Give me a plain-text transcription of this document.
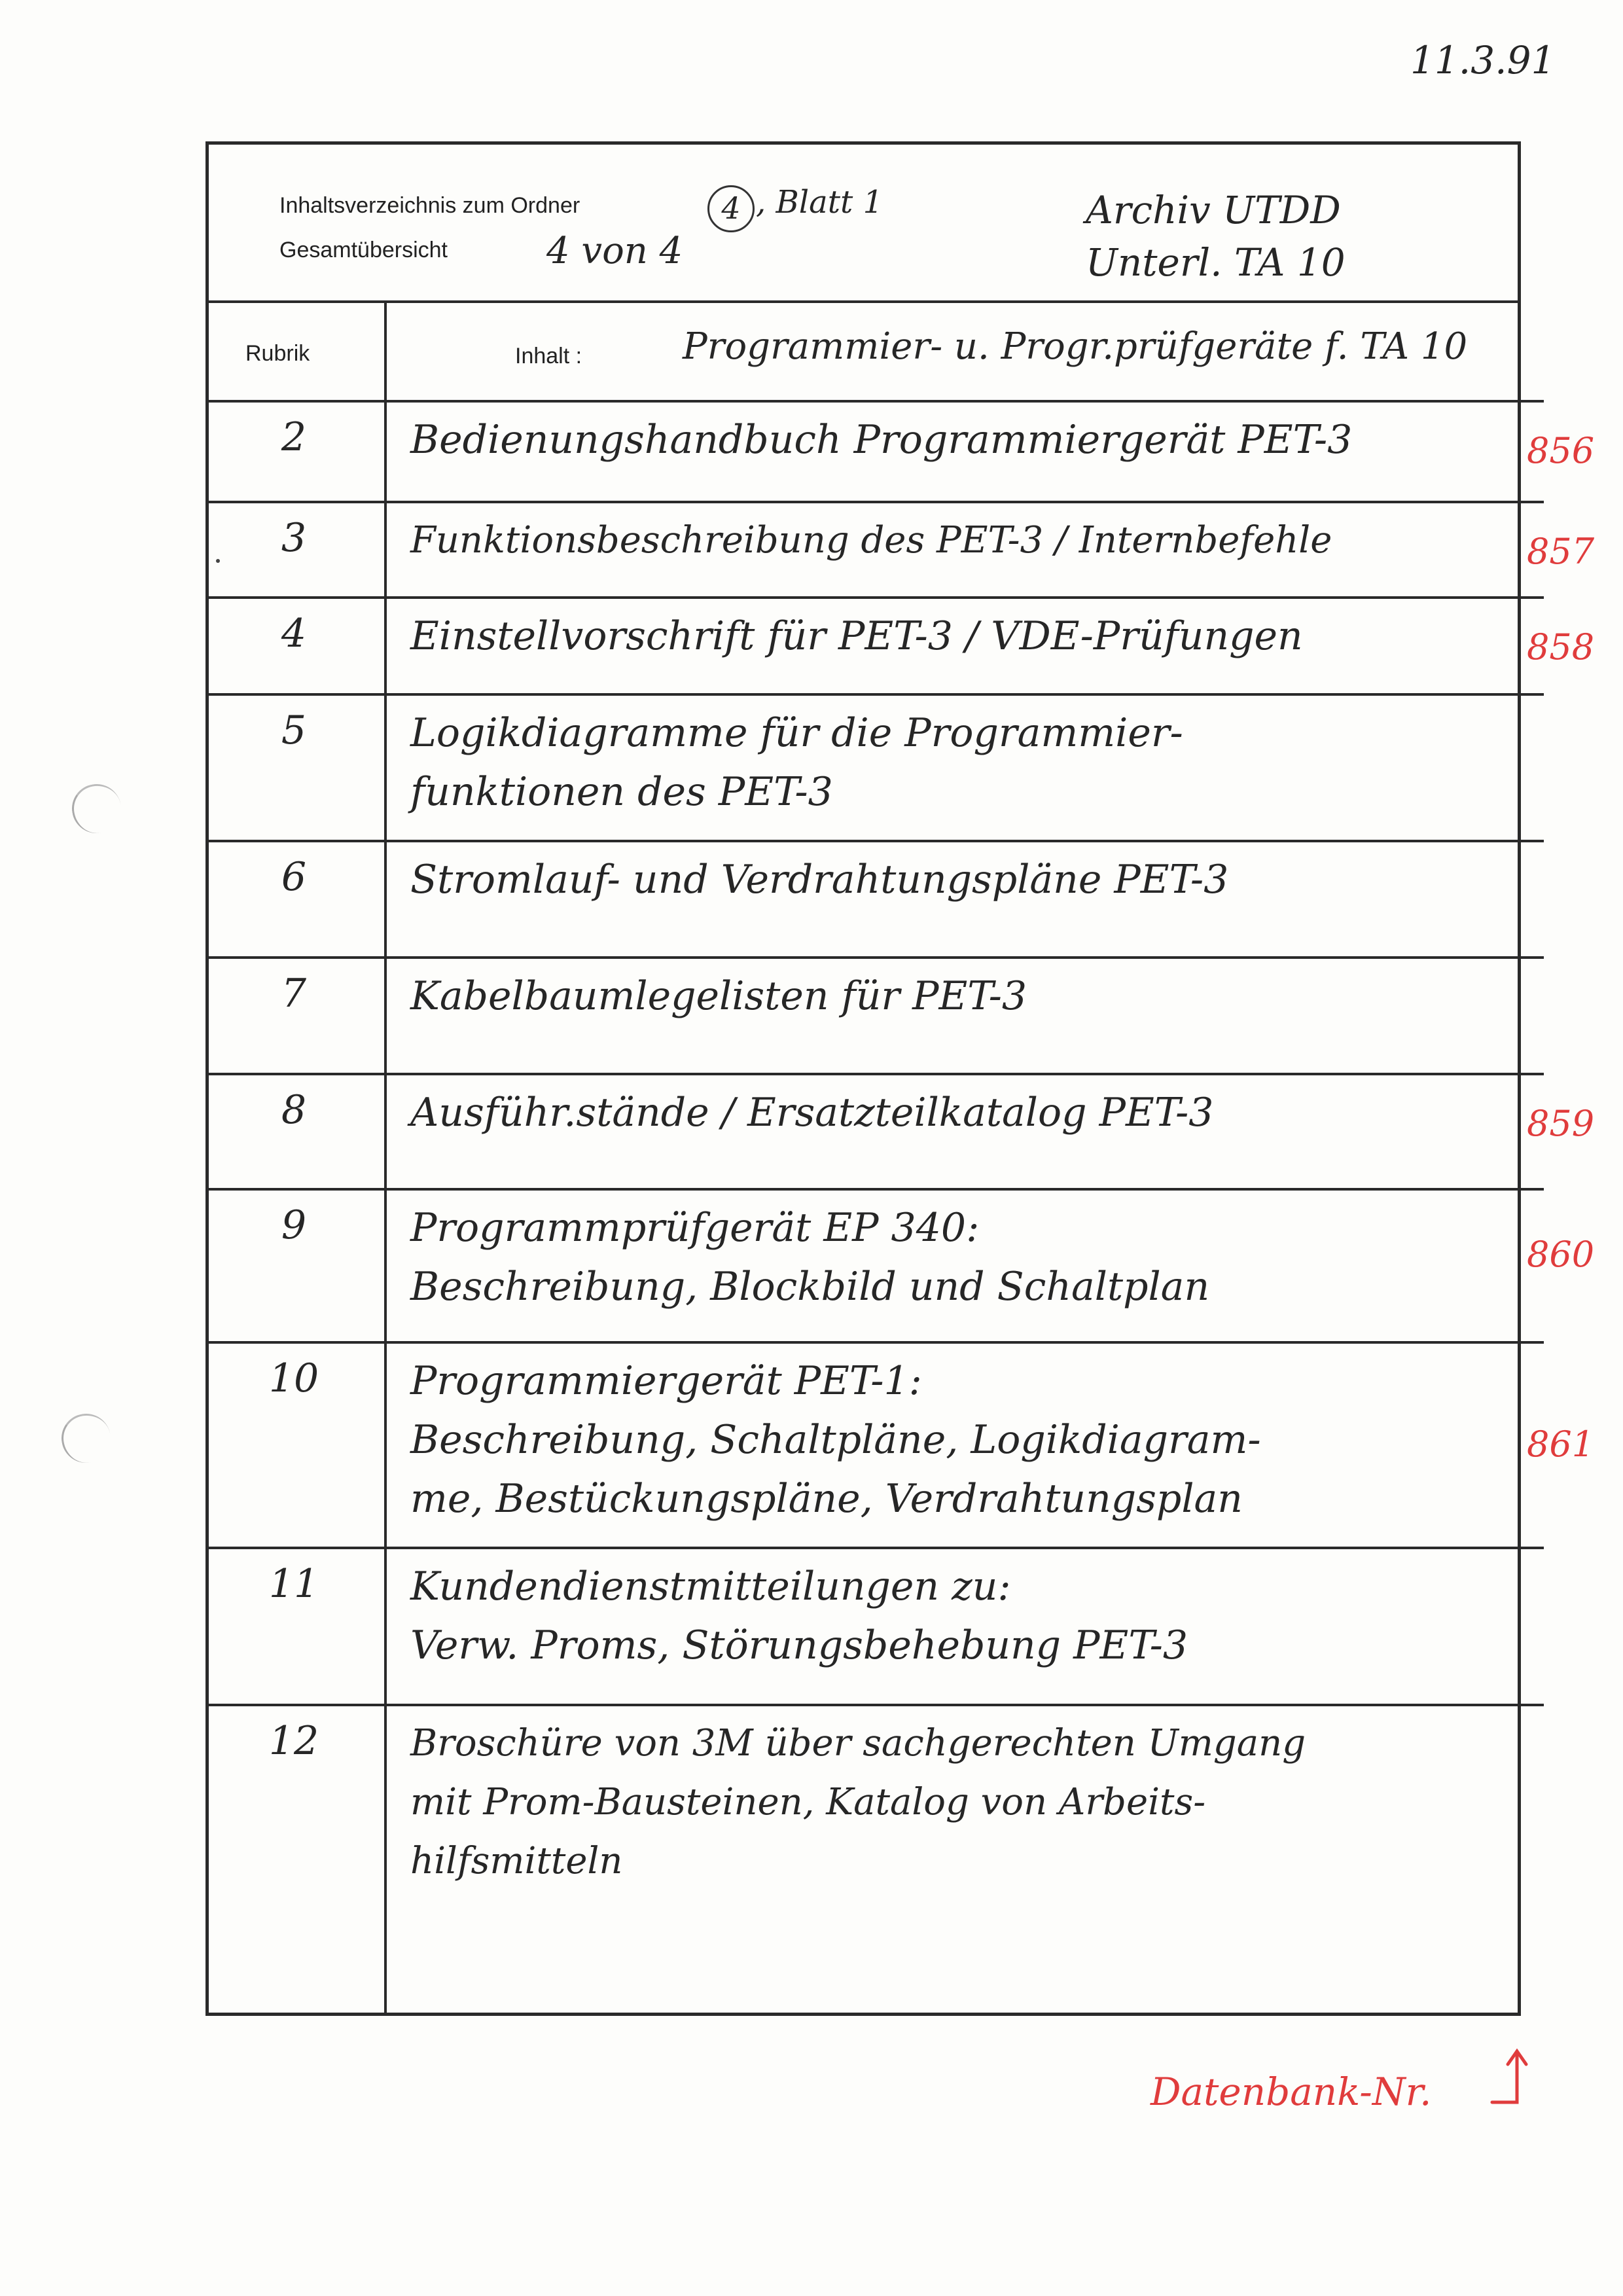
11.3.91
Inhaltsverzeichnis zum Ordner	4 , Blatt 1
Gesamtübersicht	4 von 4
Archiv UTDD
Unterl. TA 10
Rubrik	Inhalt :	Programmier- u. Progr.prüfgeräte f. TA 10
2	Bedienungshandbuch Programmiergerät PET-3	856
3	Funktionsbeschreibung des PET-3 / Internbefehle	857
4	Einstellvorschrift für PET-3 / VDE-Prüfungen	858
5	Logikdiagramme für die Programmier-
funktionen des PET-3
6	Stromlauf- und Verdrahtungspläne PET-3
7	Kabelbaumlegelisten für PET-3
8	Ausführ.stände / Ersatzteilkatalog PET-3	859
9	Programmprüfgerät EP 340:
Beschreibung, Blockbild und Schaltplan
860
10	Programmiergerät PET-1:
Beschreibung, Schaltpläne, Logikdiagram-
me, Bestückungspläne, Verdrahtungsplan
861
11	Kundendienstmitteilungen zu:
Verw. Proms, Störungsbehebung PET-3
12	Broschüre von 3M über sachgerechten Umgang
mit Prom-Bausteinen, Katalog von Arbeits-
hilfsmitteln
Datenbank-Nr.
